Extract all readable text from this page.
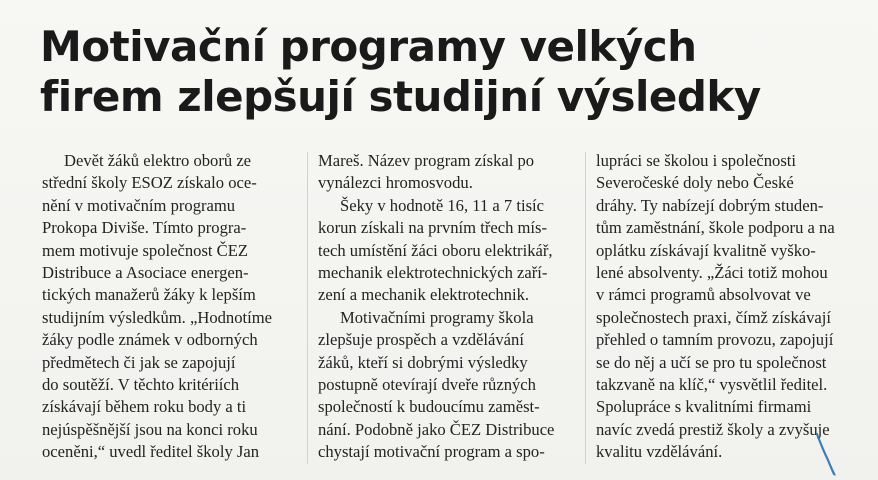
Motivační programy velkých
firem zlepšují studijní výsledky
Devět žáků elektro oborů ze
střední školy ESOZ získalo oce-
nění v motivačním programu
Prokopa Diviše. Tímto progra-
mem motivuje společnost ČEZ
Distribuce a Asociace energen-
tických manažerů žáky k lepším
studijním výsledkům. „Hodnotíme
žáky podle známek v odborných
předmětech či jak se zapojují
do soutěží. V těchto kritériích
získávají během roku body a ti
nejúspěšnější jsou na konci roku
oceněni,“ uvedl ředitel školy Jan
Mareš. Název program získal po
vynálezci hromosvodu.
Šeky v hodnotě 16, 11 a 7 tisíc
korun získali na prvním třech mís-
tech umístění žáci oboru elektrikář,
mechanik elektrotechnických zaří-
zení a mechanik elektrotechnik.
Motivačními programy škola
zlepšuje prospěch a vzdělávání
žáků, kteří si dobrými výsledky
postupně otevírají dveře různých
společností k budoucímu zaměst-
nání. Podobně jako ČEZ Distribuce
chystají motivační program a spo-
lupráci se školou i společnosti
Severočeské doly nebo České
dráhy. Ty nabízejí dobrým studen-
tům zaměstnání, škole podporu a na
oplátku získávají kvalitně vyško-
lené absolventy. „Žáci totiž mohou
v rámci programů absolvovat ve
společnostech praxi, čímž získávají
přehled o tamním provozu, zapojují
se do něj a učí se pro tu společnost
takzvaně na klíč,“ vysvětlil ředitel.
Spolupráce s kvalitními firmami
navíc zvedá prestiž školy a zvyšuje
kvalitu vzdělávání.
